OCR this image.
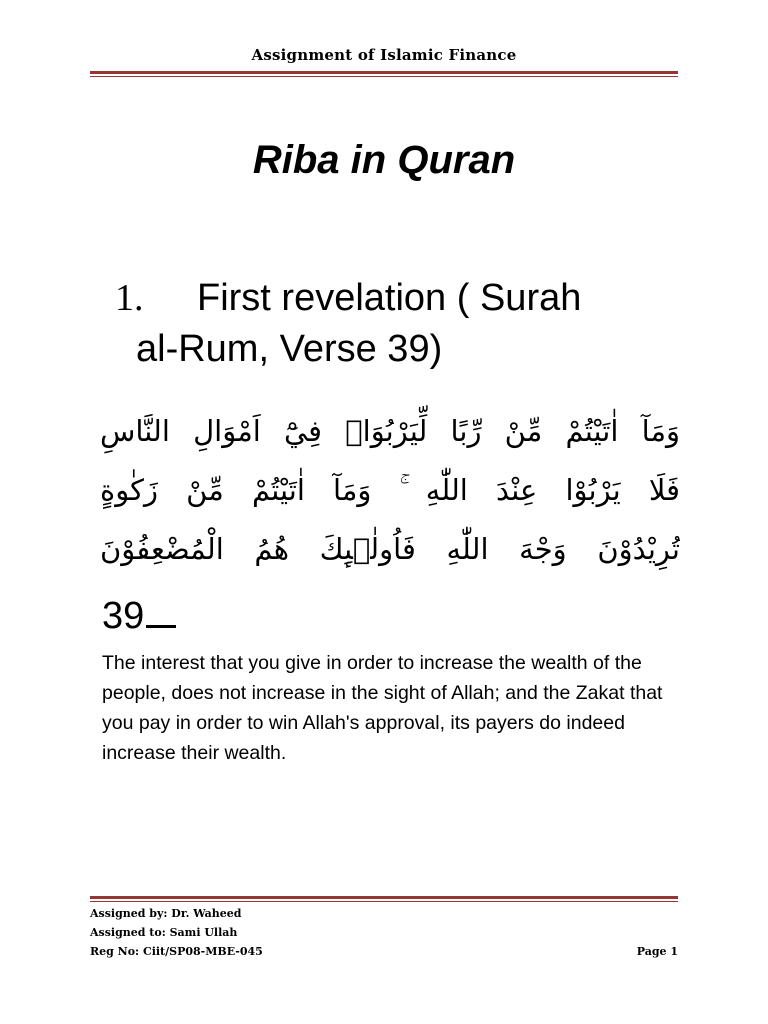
Assignment of Islamic Finance
Riba in Quran
1. First revelation ( Surah
al-Rum, Verse 39)
وَمَآ اٰتَيْتُمْ مِّنْ رِّبًا لِّيَرْبُوَا۠ فِيْٓ اَمْوَالِ النَّاسِ
فَلَا يَرْبُوْا عِنْدَ اللّٰهِ ۚ وَمَآ اٰتَيْتُمْ مِّنْ زَكٰوةٍ
تُرِيْدُوْنَ وَجْهَ اللّٰهِ فَاُولٰۤىِٕكَ هُمُ الْمُضْعِفُوْنَ
39
The interest that you give in order to increase the wealth of the people, does not increase in the sight of Allah; and the Zakat that you pay in order to win Allah's approval, its payers do indeed increase their wealth.
Assigned by: Dr. Waheed
Assigned to: Sami Ullah
Reg No: Ciit/SP08-MBE-045	Page 1
